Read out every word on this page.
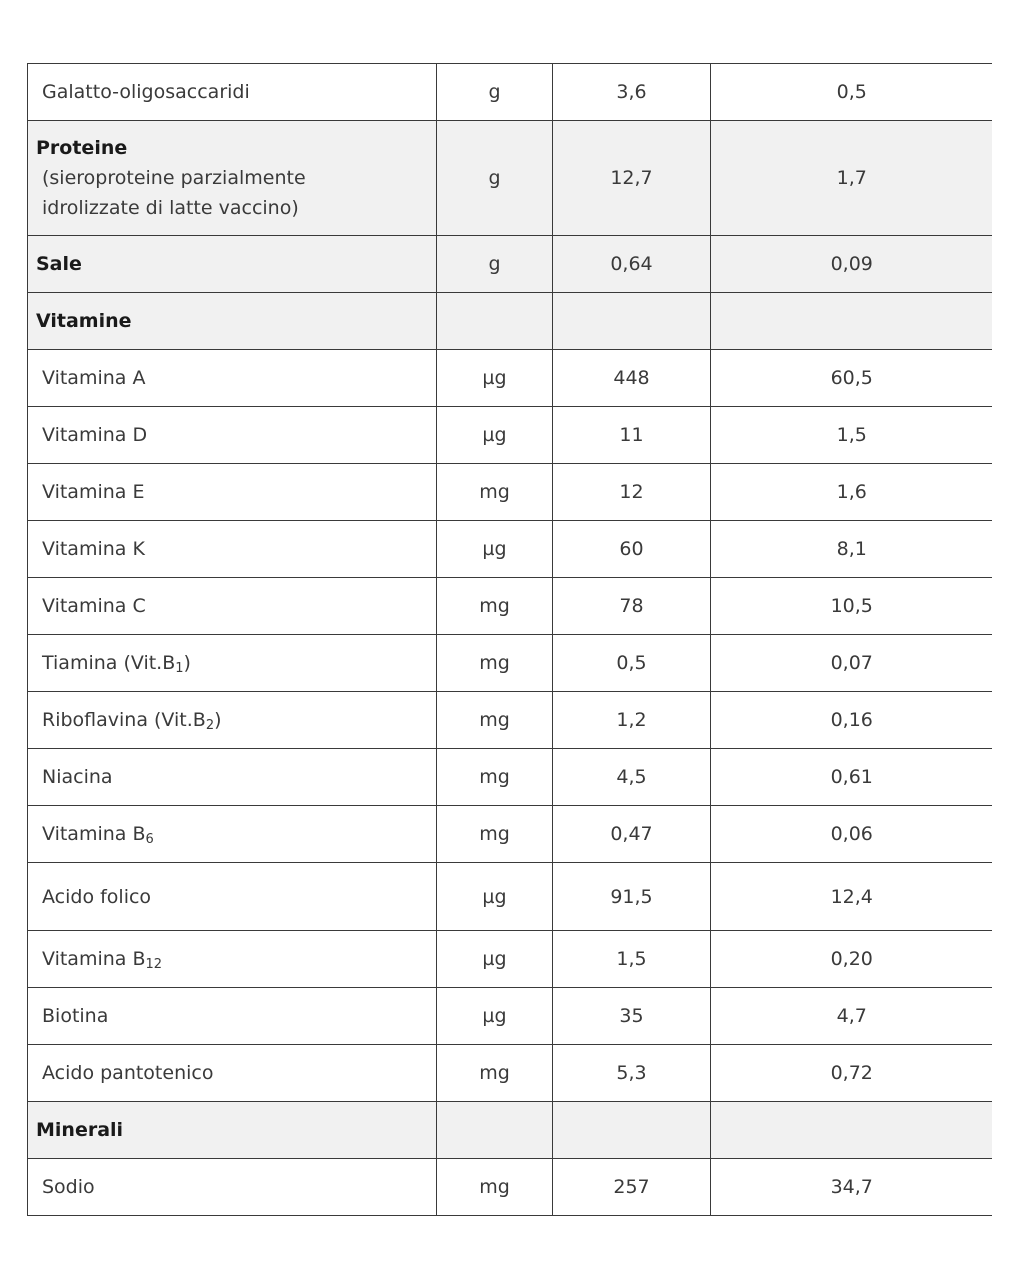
Galatto-oligosaccaridi	g	3,6	0,5

Proteine
(sieroproteine parzialmente
idrolizzate di latte vaccino)	g	12,7	1,7
Sale	g	0,64	0,09
Vitamine			
Vitamina A	µg	448	60,5
Vitamina D	µg	11	1,5
Vitamina E	mg	12	1,6
Vitamina K	µg	60	8,1
Vitamina C	mg	78	10,5
Tiamina $(Vit.B_1)$	mg	0,5	0,07
Riboflavina $(Vit.B_2)$	mg	1,2	0,16
Niacina	mg	4,5	0,61
Vitamina $B_6$	mg	0,47	0,06
Acido folico	µg	91,5	12,4
Vitamina $B_{12}$	µg	1,5	0,20
Biotina	µg	35	4,7
Acido pantotenico	mg	5,3	0,72
Minerali			
Sodio	mg	257	34,7
